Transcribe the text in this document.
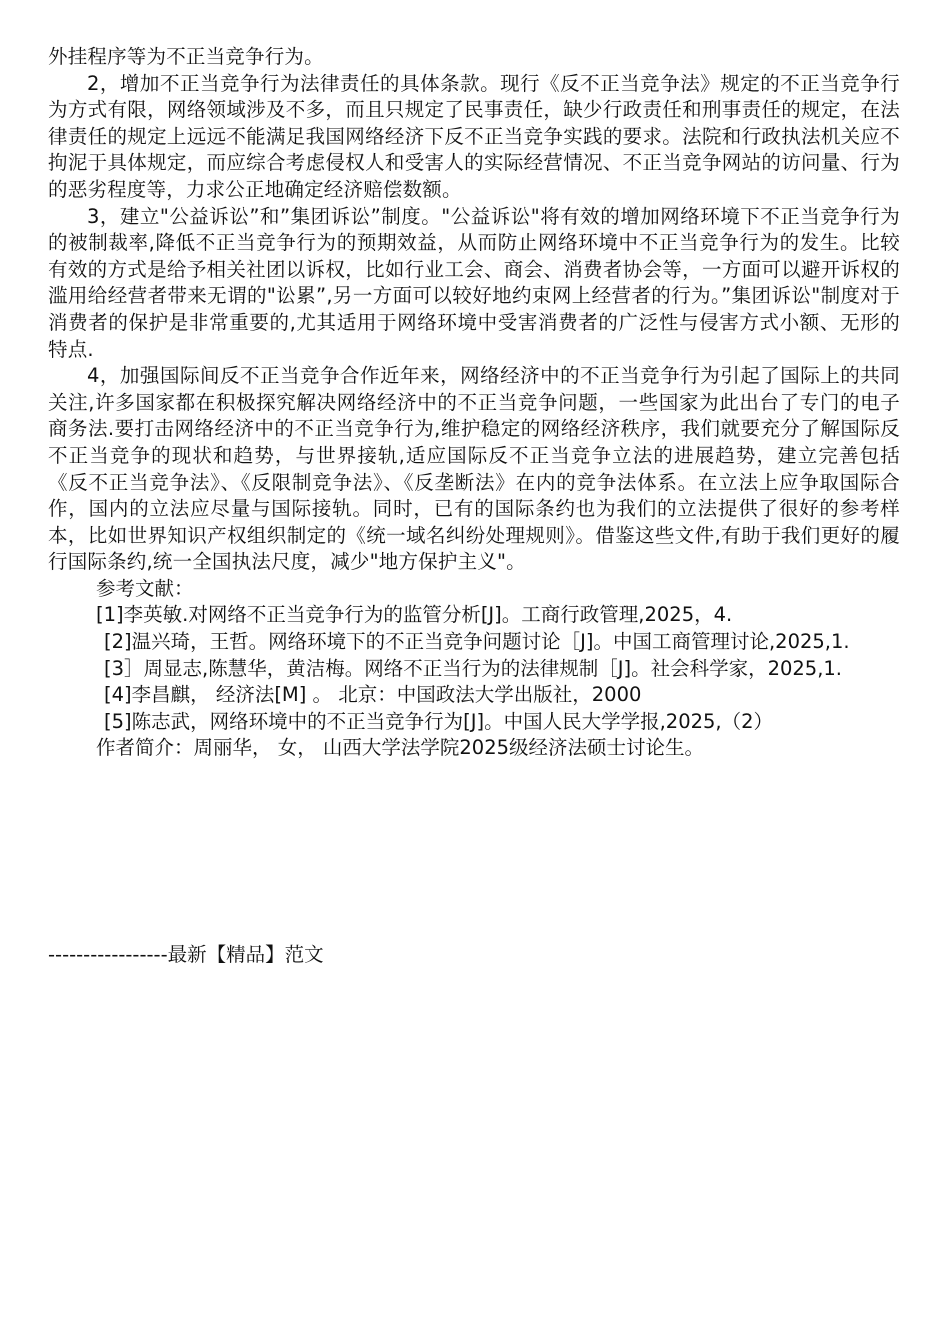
外挂程序等为不正当竞争行为。

2，增加不正当竞争行为法律责任的具体条款。现行《反不正当竞争法》规定的不正当竞争行为方式有限，网络领域涉及不多，而且只规定了民事责任，缺少行政责任和刑事责任的规定，在法律责任的规定上远远不能满足我国网络经济下反不正当竞争实践的要求。法院和行政执法机关应不拘泥于具体规定，而应综合考虑侵权人和受害人的实际经营情况、不正当竞争网站的访问量、行为的恶劣程度等，力求公正地确定经济赔偿数额。

3，建立"公益诉讼”和”集团诉讼”制度。"公益诉讼"将有效的增加网络环境下不正当竞争行为的被制裁率,降低不正当竞争行为的预期效益，从而防止网络环境中不正当竞争行为的发生。比较有效的方式是给予相关社团以诉权，比如行业工会、商会、消费者协会等，一方面可以避开诉权的滥用给经营者带来无谓的"讼累”,另一方面可以较好地约束网上经营者的行为。”集团诉讼"制度对于消费者的保护是非常重要的,尤其适用于网络环境中受害消费者的广泛性与侵害方式小额、无形的特点.

4，加强国际间反不正当竞争合作近年来，网络经济中的不正当竞争行为引起了国际上的共同关注,许多国家都在积极探究解决网络经济中的不正当竞争问题，一些国家为此出台了专门的电子商务法.要打击网络经济中的不正当竞争行为,维护稳定的网络经济秩序，我们就要充分了解国际反不正当竞争的现状和趋势，与世界接轨,适应国际反不正当竞争立法的进展趋势，建立完善包括《反不正当竞争法》、《反限制竞争法》、《反垄断法》在内的竞争法体系。在立法上应争取国际合作，国内的立法应尽量与国际接轨。同时，已有的国际条约也为我们的立法提供了很好的参考样本，比如世界知识产权组织制定的《统一域名纠纷处理规则》。借鉴这些文件,有助于我们更好的履行国际条约,统一全国执法尺度，减少"地方保护主义"。

参考文献：

[1]李英敏.对网络不正当竞争行为的监管分析[J]。工商行政管理,2025，4.

[2]温兴琦，王哲。网络环境下的不正当竞争问题讨论［J]。中国工商管理讨论,2025,1.

[3］周显志,陈慧华，黄洁梅。网络不正当行为的法律规制［J]。社会科学家，2025,1.

[4]李昌麒， 经济法[M] 。 北京：中国政法大学出版社，2000

[5]陈志武，网络环境中的不正当竞争行为[J]。中国人民大学学报,2025,（2）

作者简介：周丽华， 女， 山西大学法学院2025级经济法硕士讨论生。

-----------------最新【精品】范文
